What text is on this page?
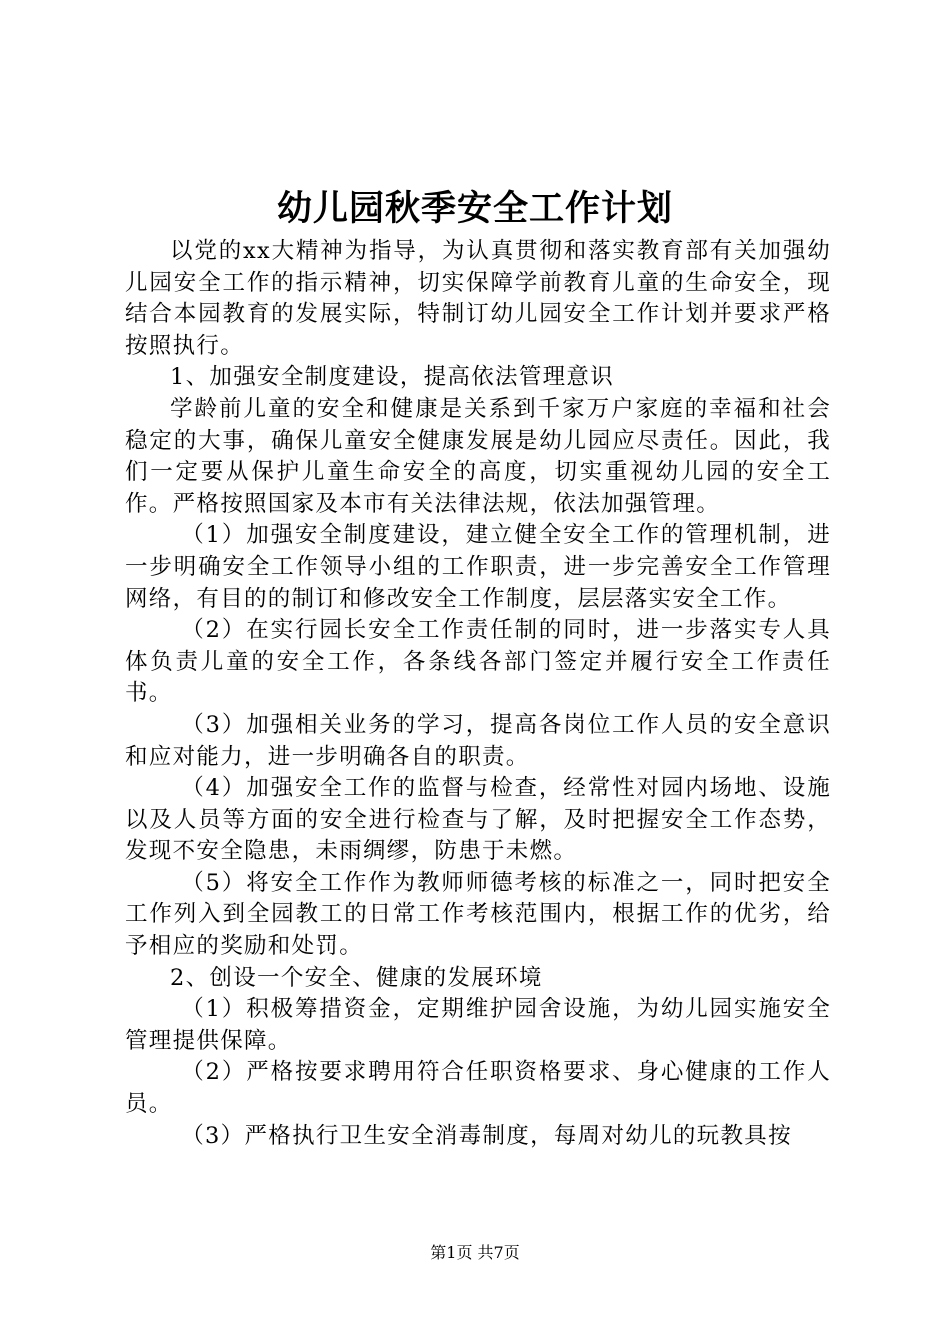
幼儿园秋季安全工作计划

以党的xx大精神为指导，为认真贯彻和落实教育部有关加强幼儿园安全工作的指示精神，切实保障学前教育儿童的生命安全，现结合本园教育的发展实际，特制订幼儿园安全工作计划并要求严格按照执行。

1、加强安全制度建设，提高依法管理意识

学龄前儿童的安全和健康是关系到千家万户家庭的幸福和社会稳定的大事，确保儿童安全健康发展是幼儿园应尽责任。因此，我们一定要从保护儿童生命安全的高度，切实重视幼儿园的安全工作。严格按照国家及本市有关法律法规，依法加强管理。

（1）加强安全制度建设，建立健全安全工作的管理机制，进一步明确安全工作领导小组的工作职责，进一步完善安全工作管理网络，有目的的制订和修改安全工作制度，层层落实安全工作。

（2）在实行园长安全工作责任制的同时，进一步落实专人具体负责儿童的安全工作，各条线各部门签定并履行安全工作责任书。

（3）加强相关业务的学习，提高各岗位工作人员的安全意识和应对能力，进一步明确各自的职责。

（4）加强安全工作的监督与检查，经常性对园内场地、设施以及人员等方面的安全进行检查与了解，及时把握安全工作态势，发现不安全隐患，未雨绸缪，防患于未燃。

（5）将安全工作作为教师师德考核的标准之一，同时把安全工作列入到全园教工的日常工作考核范围内，根据工作的优劣，给予相应的奖励和处罚。

2、创设一个安全、健康的发展环境

（1）积极筹措资金，定期维护园舍设施，为幼儿园实施安全管理提供保障。

（2）严格按要求聘用符合任职资格要求、身心健康的工作人员。

（3）严格执行卫生安全消毒制度，每周对幼儿的玩教具按

第1页 共7页
